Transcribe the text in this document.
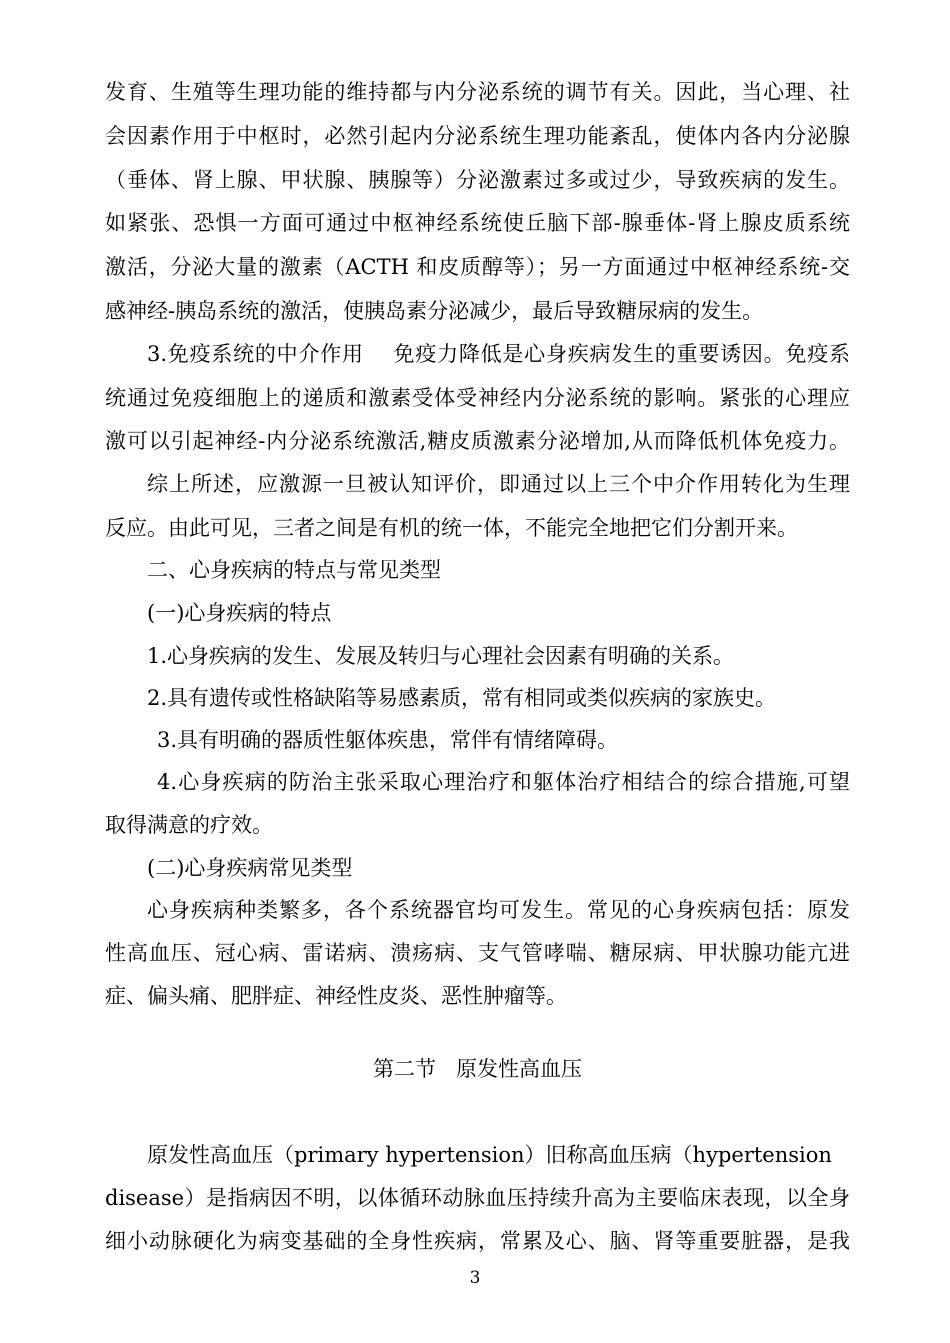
发育、生殖等生理功能的维持都与内分泌系统的调节有关。因此，当心理、社
会因素作用于中枢时，必然引起内分泌系统生理功能紊乱，使体内各内分泌腺
（垂体、肾上腺、甲状腺、胰腺等）分泌激素过多或过少，导致疾病的发生。
如紧张、恐惧一方面可通过中枢神经系统使丘脑下部-腺垂体-肾上腺皮质系统
激活，分泌大量的激素（ACTH 和皮质醇等）；另一方面通过中枢神经系统-交
感神经-胰岛系统的激活，使胰岛素分泌减少，最后导致糖尿病的发生。
3.免疫系统的中介作用    免疫力降低是心身疾病发生的重要诱因。免疫系
统通过免疫细胞上的递质和激素受体受神经内分泌系统的影响。紧张的心理应
激可以引起神经-内分泌系统激活,糖皮质激素分泌增加,从而降低机体免疫力。
综上所述，应激源一旦被认知评价，即通过以上三个中介作用转化为生理
反应。由此可见，三者之间是有机的统一体，不能完全地把它们分割开来。
二、心身疾病的特点与常见类型
(一)心身疾病的特点
1.心身疾病的发生、发展及转归与心理社会因素有明确的关系。
2.具有遗传或性格缺陷等易感素质，常有相同或类似疾病的家族史。
3.具有明确的器质性躯体疾患，常伴有情绪障碍。
4.心身疾病的防治主张采取心理治疗和躯体治疗相结合的综合措施,可望
取得满意的疗效。
(二)心身疾病常见类型
心身疾病种类繁多，各个系统器官均可发生。常见的心身疾病包括：原发
性高血压、冠心病、雷诺病、溃疡病、支气管哮喘、糖尿病、甲状腺功能亢进
症、偏头痛、肥胖症、神经性皮炎、恶性肿瘤等。
第二节   原发性高血压
原发性高血压（primary hypertension）旧称高血压病（hypertension
disease）是指病因不明，以体循环动脉血压持续升高为主要临床表现，以全身
细小动脉硬化为病变基础的全身性疾病，常累及心、脑、肾等重要脏器，是我
3
